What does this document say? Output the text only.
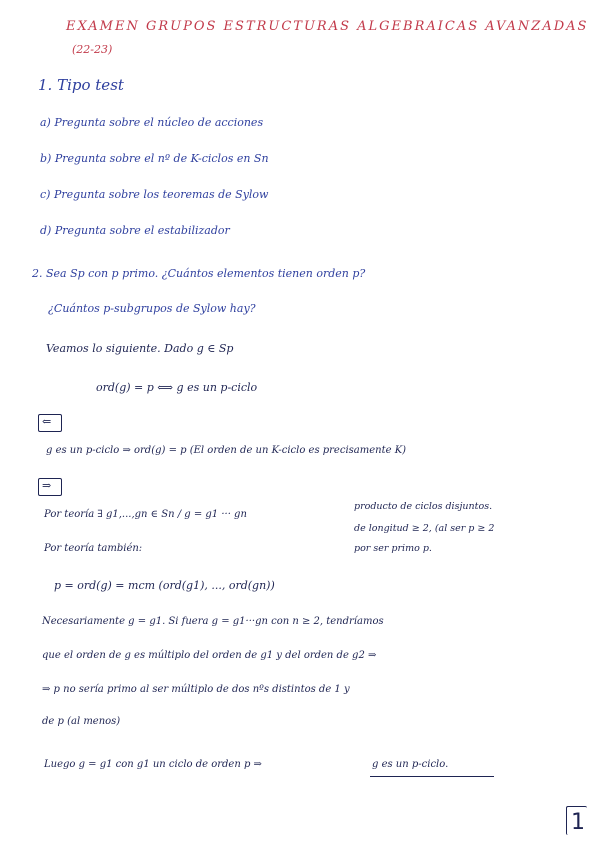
EXAMEN GRUPOS ESTRUCTURAS ALGEBRAICAS AVANZADAS
(22-23)
1. Tipo test
a) Pregunta sobre el núcleo de acciones
b) Pregunta sobre el nº de K-ciclos en Sn
c) Pregunta sobre los teoremas de Sylow
d) Pregunta sobre el estabilizador
2. Sea Sp con p primo. ¿Cuántos elementos tienen orden p?
¿Cuántos p-subgrupos de Sylow hay?
Veamos lo siguiente. Dado g ∈ Sp
ord(g) = p ⟺ g es un p-ciclo
⇐
g es un p-ciclo ⇒ ord(g) = p (El orden de un K-ciclo es precisamente K)
⇒
Por teoría ∃ g1,...,gn ∈ Sn / g = g1 ··· gn
producto de ciclos disjuntos.
de longitud ≥ 2, (al ser p ≥ 2
por ser primo p.
Por teoría también:
p = ord(g) = mcm (ord(g1), ..., ord(gn))
Necesariamente g = g1. Si fuera g = g1···gn con n ≥ 2, tendríamos
que el orden de g es múltiplo del orden de g1 y del orden de g2 ⇒
⇒ p no sería primo al ser múltiplo de dos nºs distintos de 1 y
de p (al menos)
Luego g = g1 con g1 un ciclo de orden p ⇒	g es un p-ciclo.
1
